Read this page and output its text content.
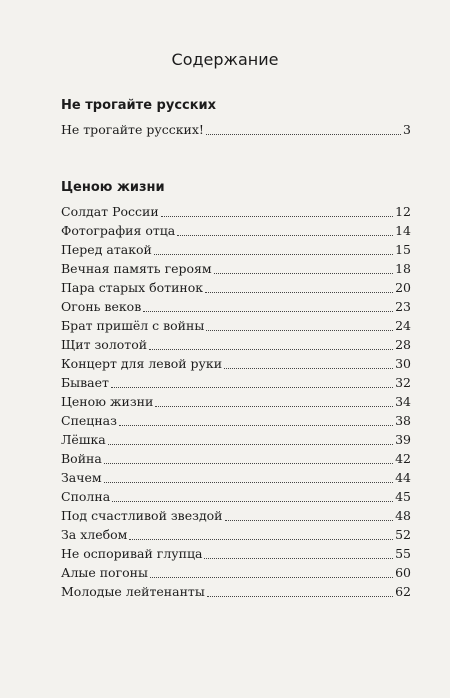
Содержание
Не трогайте русских
Не трогайте русских!	3
Ценою жизни
Солдат России	12
Фотография отца	14
Перед атакой	15
Вечная память героям	18
Пара старых ботинок	20
Огонь веков	23
Брат пришёл с войны	24
Щит золотой	28
Концерт для левой руки	30
Бывает	32
Ценою жизни	34
Спецназ	38
Лёшка	39
Война	42
Зачем	44
Сполна	45
Под счастливой звездой	48
За хлебом	52
Не оспоривай глупца	55
Алые погоны	60
Молодые лейтенанты	62
